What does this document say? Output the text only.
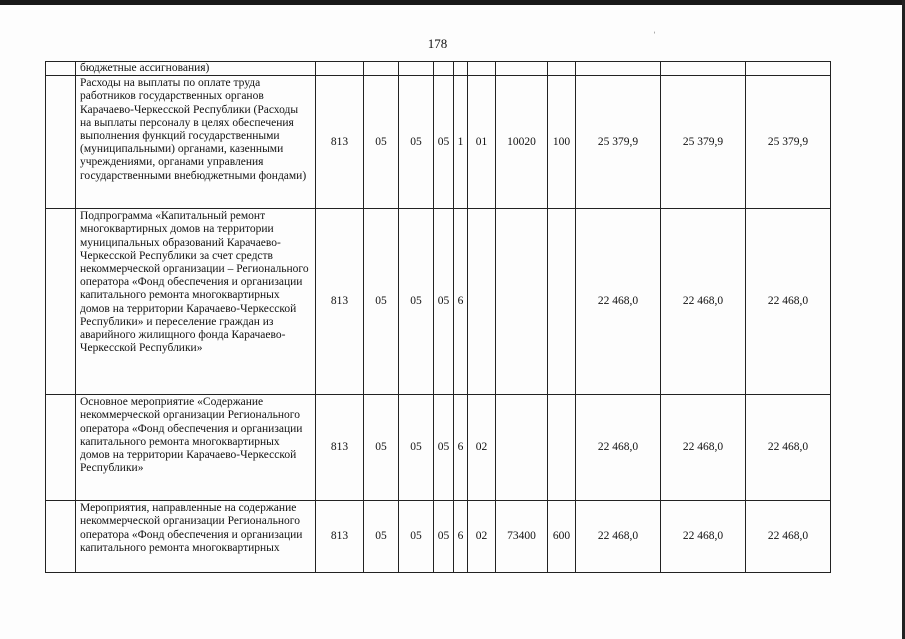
178
˒
	бюджетные ассигнования)											
	Расходы на выплаты по оплате труда работников государственных органов Карачаево-Черкесской Республики (Расходы на выплаты персоналу в целях обеспечения выполнения функций государственными (муниципальными) органами, казенными учреждениями, органами управления государственными внебюджетными фондами)	813	05	05	05	1	01	10020	100	25 379,9	25 379,9	25 379,9
	Подпрограмма «Капитальный ремонт многоквартирных домов на территории муниципальных образований Карачаево-Черкесской Республики за счет средств некоммерческой организации – Регионального оператора «Фонд обеспечения и организации капитального ремонта многоквартирных домов на территории Карачаево-Черкесской Республики» и переселение граждан из аварийного жилищного фонда Карачаево-Черкесской Республики»	813	05	05	05	6				22 468,0	22 468,0	22 468,0
	Основное мероприятие «Содержание некоммерческой организации Регионального оператора «Фонд обеспечения и организации капитального ремонта многоквартирных домов на территории Карачаево-Черкесской Республики»	813	05	05	05	6	02			22 468,0	22 468,0	22 468,0
	Мероприятия, направленные на содержание некоммерческой организации Регионального оператора «Фонд обеспечения и организации капитального ремонта многоквартирных	813	05	05	05	6	02	73400	600	22 468,0	22 468,0	22 468,0
